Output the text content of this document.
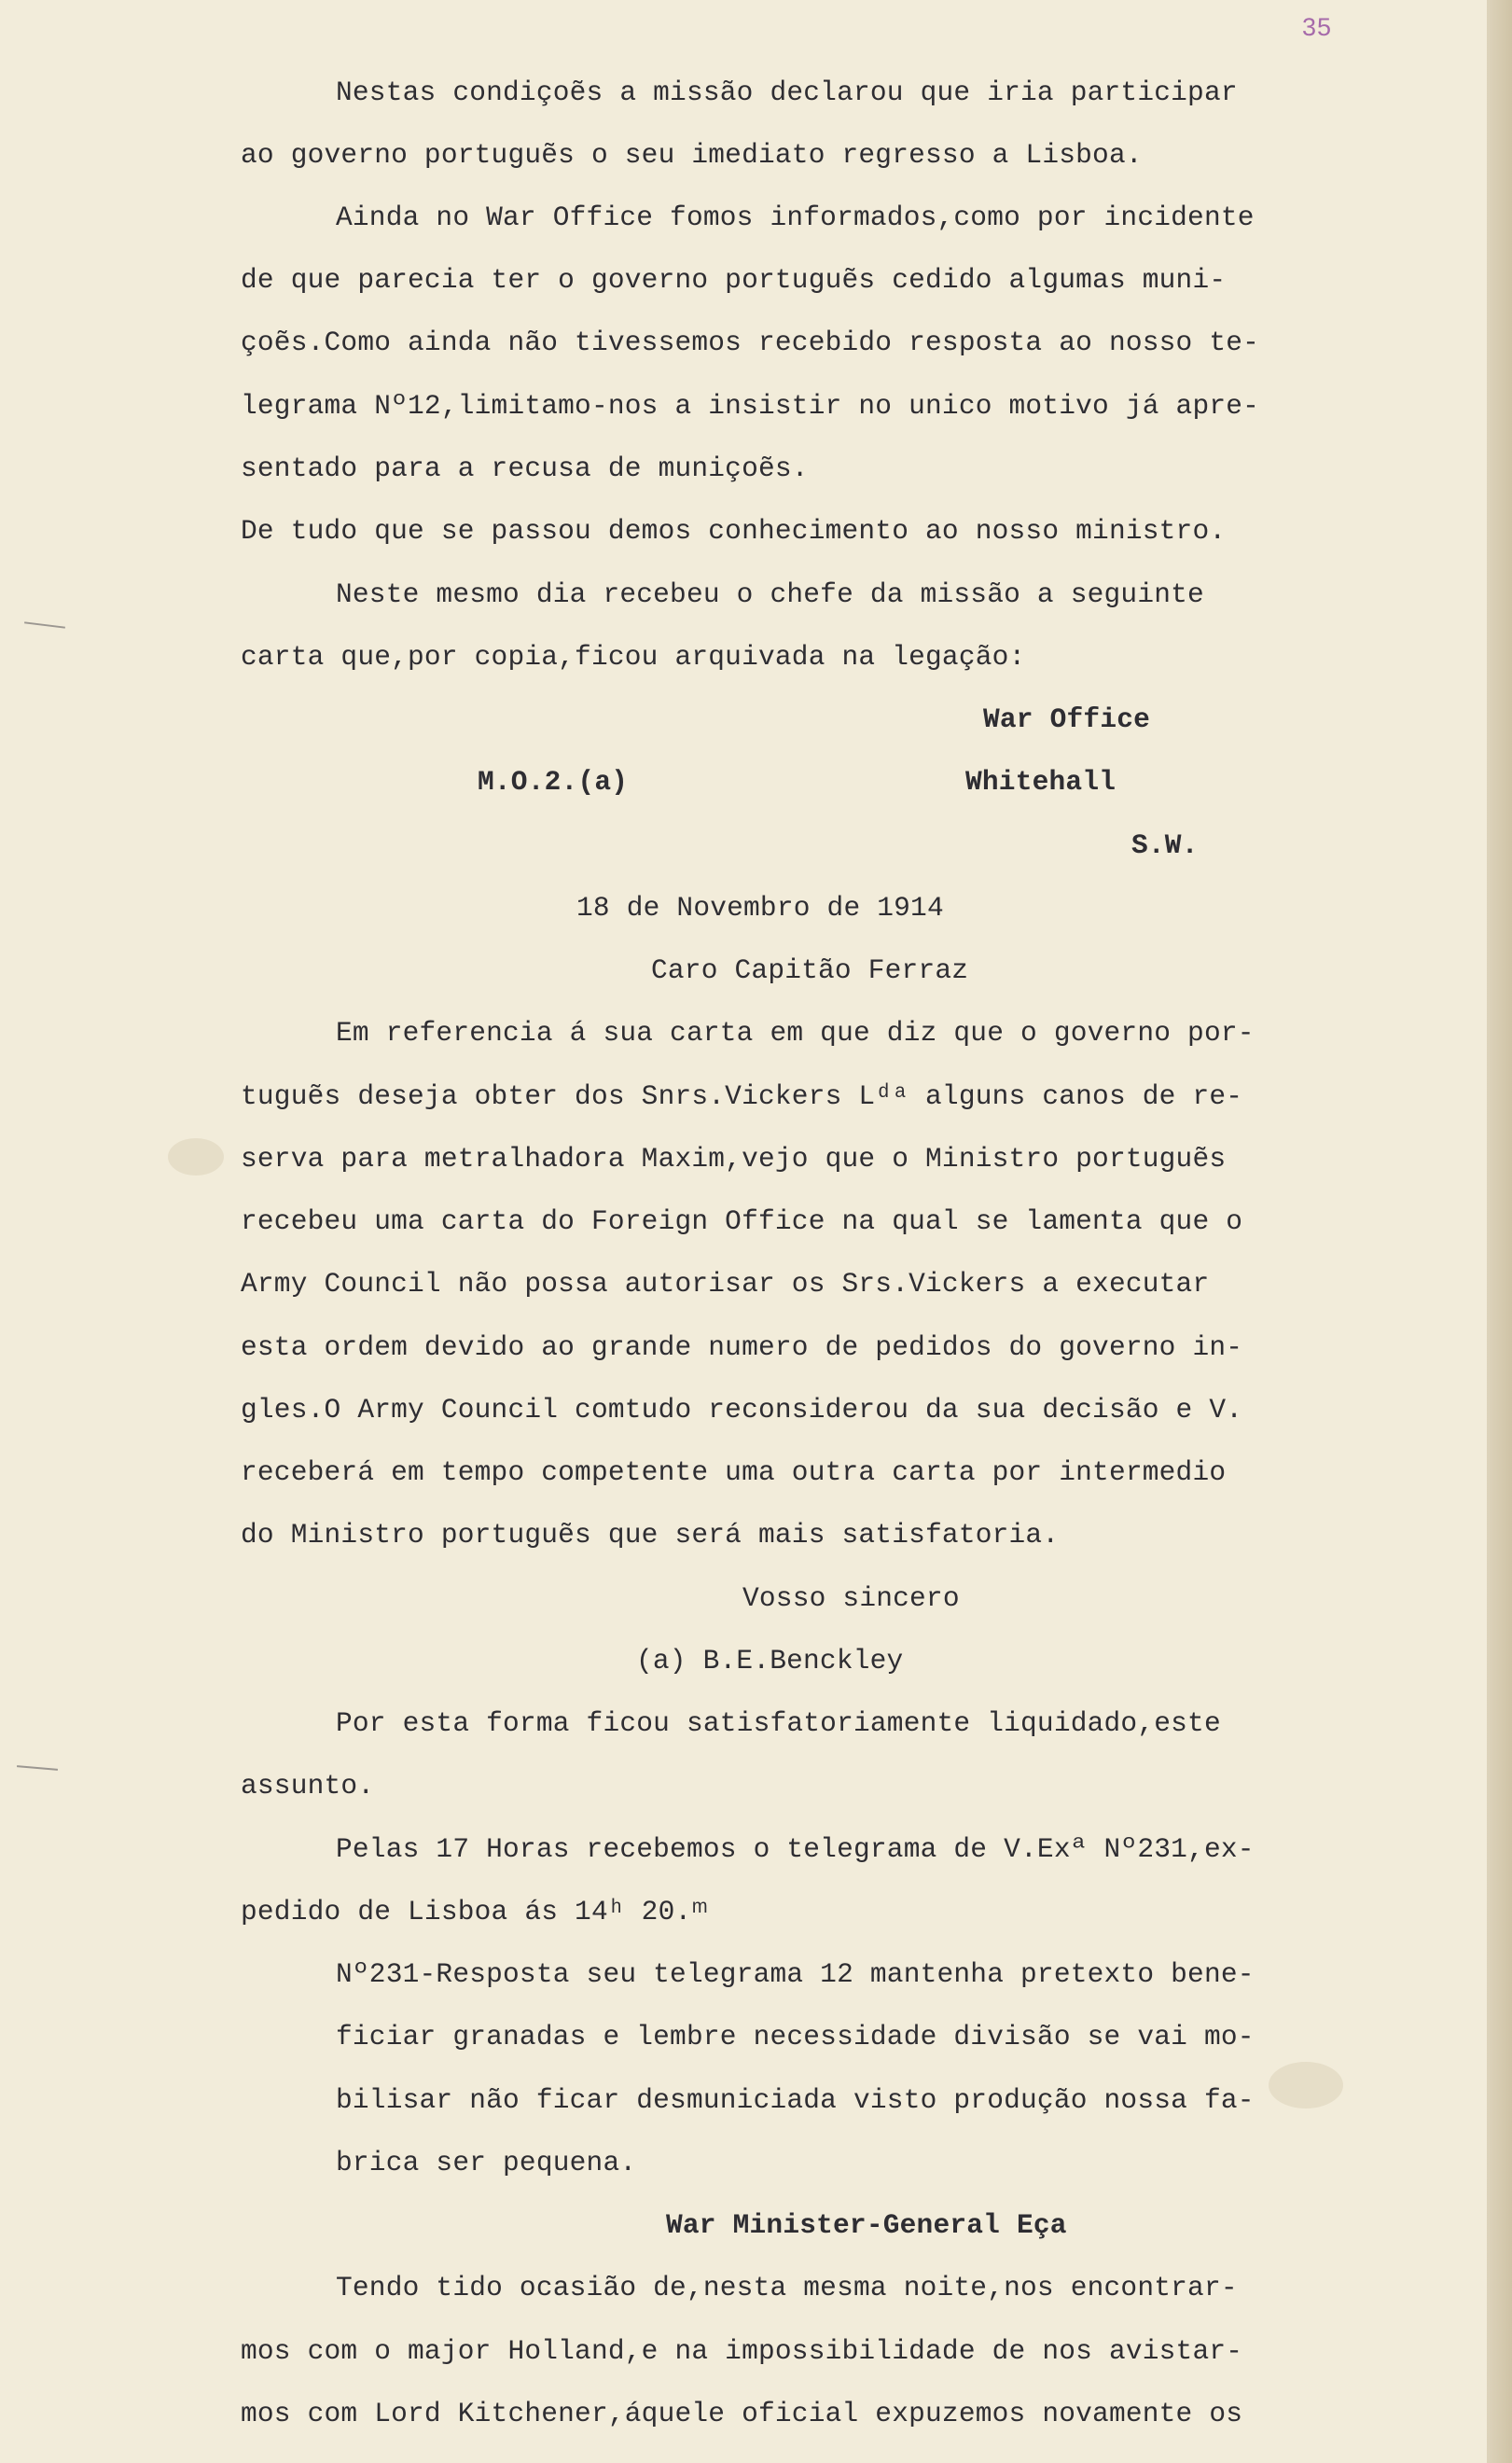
35

Nestas condiçoẽs a missão declarou que iria participar

ao governo portuguẽs o seu imediato regresso a Lisboa.

Ainda no War Office fomos informados,como por incidente

de que parecia ter o governo portuguẽs cedido algumas muni-

çoẽs.Como ainda não tivessemos recebido resposta ao nosso te-

legrama Nº12,limitamo-nos a insistir no unico motivo já apre-

sentado para a recusa de muniçoẽs.

De tudo que se passou demos conhecimento ao nosso ministro.

Neste mesmo dia recebeu o chefe da missão a seguinte

carta que,por copia,ficou arquivada na legação:

War Office

M.O.2.(a)	Whitehall

S.W.

18 de Novembro de 1914

Caro Capitão Ferraz

Em referencia á sua carta em que diz que o governo por-

tuguẽs deseja obter dos Snrs.Vickers Lᵈᵃ alguns canos de re-

serva para metralhadora Maxim,vejo que o Ministro portuguẽs

recebeu uma carta do Foreign Office na qual se lamenta que o

Army Council não possa autorisar os Srs.Vickers a executar

esta ordem devido ao grande numero de pedidos do governo in-

gles.O Army Council comtudo reconsiderou da sua decisão e V.

receberá em tempo competente uma outra carta por intermedio

do Ministro portuguẽs que será mais satisfatoria.

Vosso sincero

(a) B.E.Benckley

Por esta forma ficou satisfatoriamente liquidado,este

assunto.

Pelas 17 Horas recebemos o telegrama de V.Exª Nº231,ex-

pedido de Lisboa ás 14ʰ 20.ᵐ

Nº231-Resposta seu telegrama 12 mantenha pretexto bene-

ficiar granadas e lembre necessidade divisão se vai mo-

bilisar não ficar desmuniciada visto produção nossa fa-

brica ser pequena.

War Minister-General Eça

Tendo tido ocasião de,nesta mesma noite,nos encontrar-

mos com o major Holland,e na impossibilidade de nos avistar-

mos com Lord Kitchener,áquele oficial expuzemos novamente os
